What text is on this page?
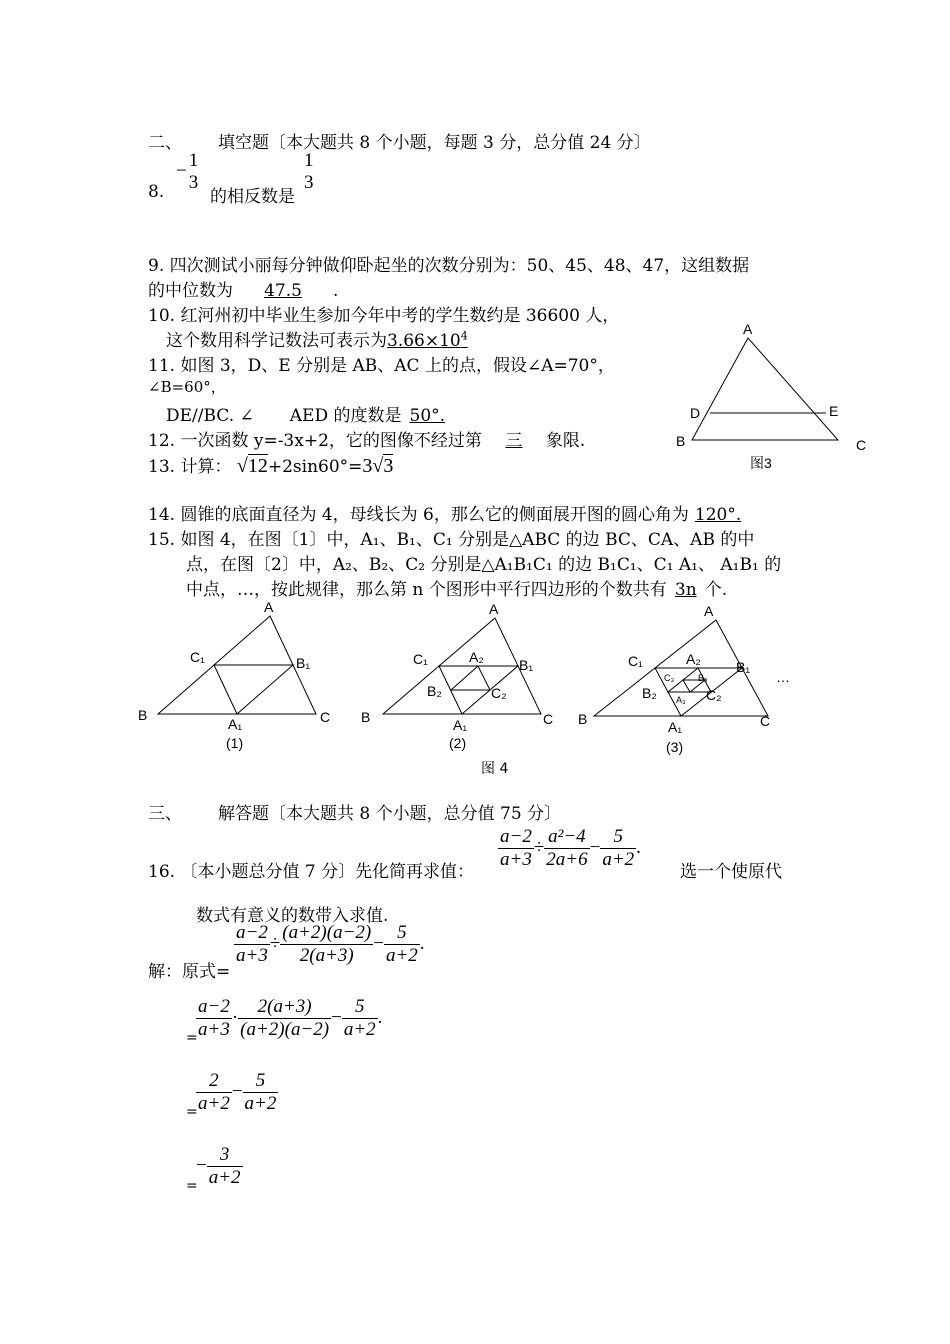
二、 填空题〔本大题共 8 个小题，每题 3 分，总分值 24 分〕
8.
− 1
3
的相反数是
1
3
9. 四次测试小丽每分钟做仰卧起坐的次数分别为：50、45、48、47，这组数据
的中位数为 47.5 .
10. 红河州初中毕业生参加今年中考的学生数约是 36600 人，
这个数用科学记数法可表示为$3.66\times 10^4$
11. 如图 3，D、E 分别是 AB、AC 上的点，假设∠A=70°，
∠B=60°，
DE//BC. ∠ AED 的度数是 50°.
12. 一次函数 y=-3x+2，它的图像不经过第 三 象限.
13. 计算： √12+2sin60°=3√3
14. 圆锥的底面直径为 4，母线长为 6，那么它的侧面展开图的圆心角为 120°.
15. 如图 4，在图〔1〕中，A₁、B₁、C₁ 分别是△ABC 的边 BC、CA、AB 的中
点，在图〔2〕中，A₂、B₂、C₂ 分别是△A₁B₁C₁ 的边 B₁C₁、C₁ A₁、 A₁B₁ 的
中点，…，按此规律，那么第 n 个图形中平行四边形的个数共有 3n 个.
A
B	C
D	E
图3
A
B	C
C₁	B₁
A₁
(1)
A
B	C
C₁	B₁
A₁
A₂
B₂	C₂
(2)
A
B	C
C₁	B₁
A₁
A₂
B₂	C₂
C₃	B₃
A₃
…
(3)
图 4
三、 解答题〔本大题共 8 个小题，总分值 75 分〕
16. 〔本小题总分值 7 分〕先化简再求值：
$\frac{a-2}{a+3} \div \frac{\text{a²−4}}{2a+6} - \frac{5}{a+2}$ .
选一个使原代
数式有意义的数带入求值.
解：原式=
$\frac{a-2}{a+3} \div \frac{(a+2)(a-2)}{2(a+3)} - \frac{5}{a+2}$ .
=
$\frac{a-2}{a+3} \cdot \frac{2(a+3)}{(a+2)(a-2)} - \frac{5}{a+2}$ .
=
$\frac{2}{a+2} - \frac{5}{a+2}$
=
− $\frac{3}{a+2}$
